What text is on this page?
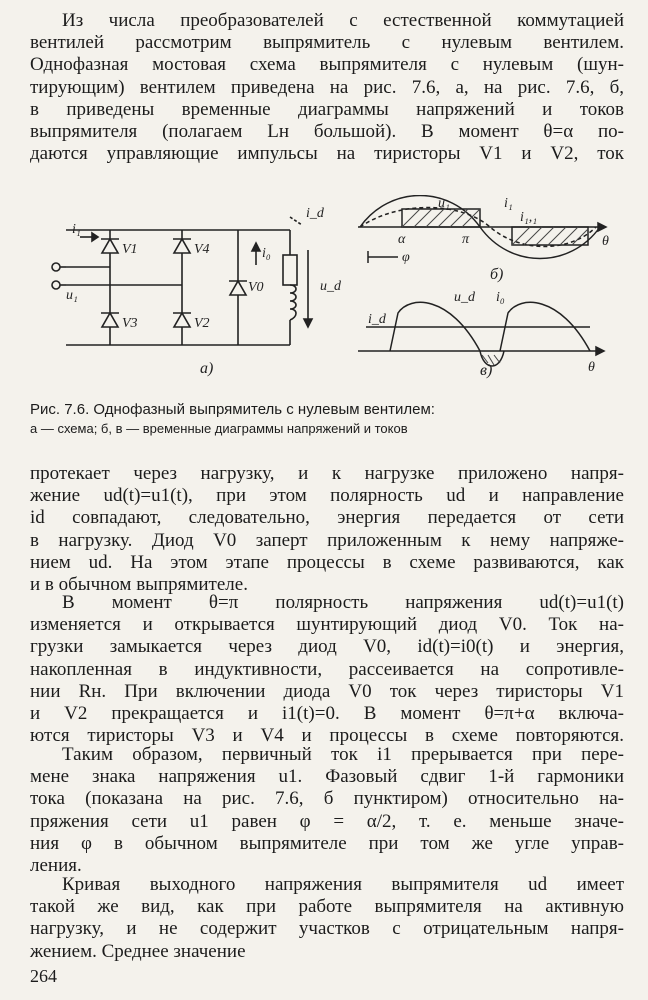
Из числа преобразователей с естественной коммутацией
вентилей рассмотрим выпрямитель с нулевым вентилем.
Однофазная мостовая схема выпрямителя с нулевым (шун-
тирующим) вентилем приведена на рис. 7.6, а, на рис. 7.6, б,
в приведены временные диаграммы напряжений и токов
выпрямителя (полагаем Lн большой). В момент θ=α по-
даются управляющие импульсы на тиристоры V1 и V2, ток
i₁
u₁
i_d
u_d
i₀
V1	V4
V3	V2
V0
а)
u₁	i₁
i₁,₁
α	π	θ
φ
б)
i_d
u_d i₀
θ
в)
Рис. 7.6. Однофазный выпрямитель с нулевым вентилем:
а — схема; б, в — временные диаграммы напряжений и токов
протекает через нагрузку, и к нагрузке приложено напря-
жение ud(t)=u1(t), при этом полярность ud и направление
id совпадают, следовательно, энергия передается от сети
в нагрузку. Диод V0 заперт приложенным к нему напряже-
нием ud. На этом этапе процессы в схеме развиваются, как
и в обычном выпрямителе.
В момент θ=π полярность напряжения ud(t)=u1(t)
изменяется и открывается шунтирующий диод V0. Ток на-
грузки замыкается через диод V0, id(t)=i0(t) и энергия,
накопленная в индуктивности, рассеивается на сопротивле-
нии Rн. При включении диода V0 ток через тиристоры V1
и V2 прекращается и i1(t)=0. В момент θ=π+α включа-
ются тиристоры V3 и V4 и процессы в схеме повторяются.
Таким образом, первичный ток i1 прерывается при пере-
мене знака напряжения u1. Фазовый сдвиг 1-й гармоники
тока (показана на рис. 7.6, б пунктиром) относительно на-
пряжения сети u1 равен φ = α/2, т. е. меньше значе-
ния φ в обычном выпрямителе при том же угле управ-
ления.
Кривая выходного напряжения выпрямителя ud имеет
такой же вид, как при работе выпрямителя на активную
нагрузку, и не содержит участков с отрицательным напря-
жением. Среднее значение
264
